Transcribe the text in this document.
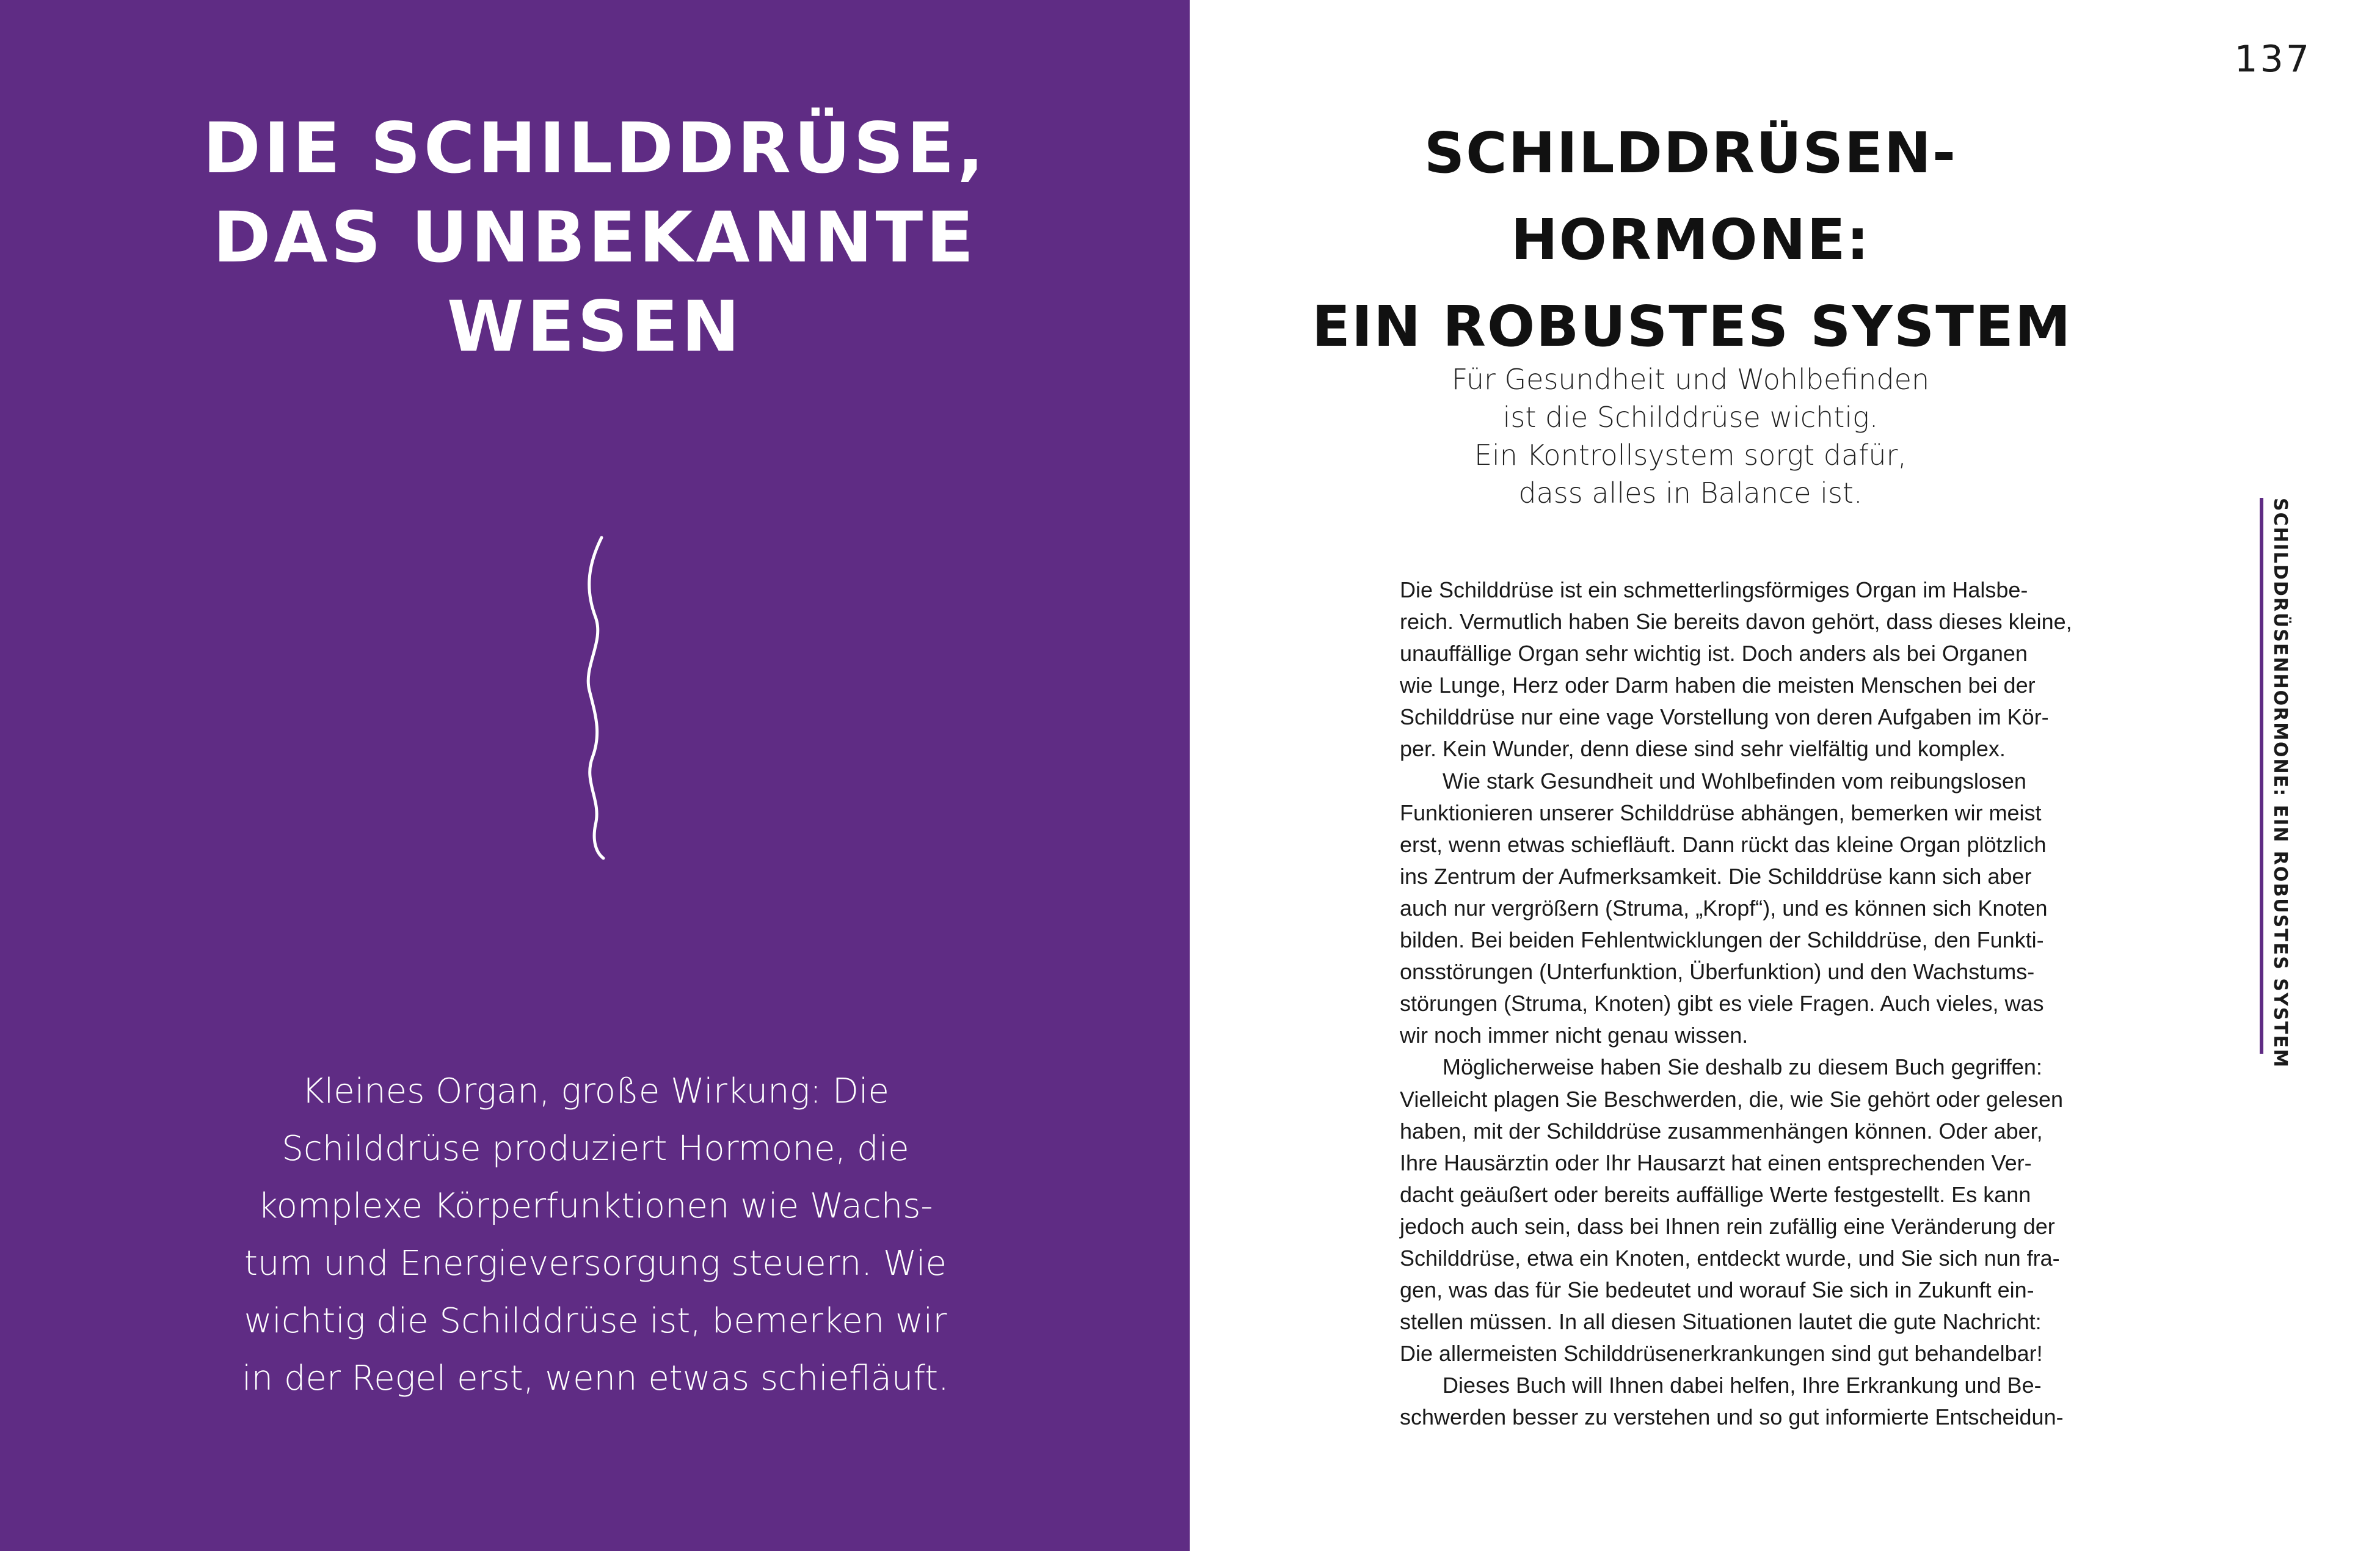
DIE SCHILDDRÜSE,
DAS UNBEKANNTE
WESEN

Kleines Organ, große Wirkung: Die
Schilddrüse produziert Hormone, die
komplexe Körperfunktionen wie Wachs-
tum und Energieversorgung steuern. Wie
wichtig die Schilddrüse ist, bemerken wir
in der Regel erst, wenn etwas schiefläuft.

137

SCHILDDRÜSEN-
HORMONE:
EIN ROBUSTES SYSTEM

Für Gesundheit und Wohlbefinden
ist die Schilddrüse wichtig.
Ein Kontrollsystem sorgt dafür,
dass alles in Balance ist.

Die Schilddrüse ist ein schmetterlingsförmiges Organ im Halsbe-
reich. Vermutlich haben Sie bereits davon gehört, dass dieses kleine,
unauffällige Organ sehr wichtig ist. Doch anders als bei Organen
wie Lunge, Herz oder Darm haben die meisten Menschen bei der
Schilddrüse nur eine vage Vorstellung von deren Aufgaben im Kör-
per. Kein Wunder, denn diese sind sehr vielfältig und komplex.
Wie stark Gesundheit und Wohlbefinden vom reibungslosen
Funktionieren unserer Schilddrüse abhängen, bemerken wir meist
erst, wenn etwas schiefläuft. Dann rückt das kleine Organ plötzlich
ins Zentrum der Aufmerksamkeit. Die Schilddrüse kann sich aber
auch nur vergrößern (Struma, „Kropf“), und es können sich Knoten
bilden. Bei beiden Fehlentwicklungen der Schilddrüse, den Funkti-
onsstörungen (Unterfunktion, Überfunktion) und den Wachstums-
störungen (Struma, Knoten) gibt es viele Fragen. Auch vieles, was
wir noch immer nicht genau wissen.
Möglicherweise haben Sie deshalb zu diesem Buch gegriffen:
Vielleicht plagen Sie Beschwerden, die, wie Sie gehört oder gelesen
haben, mit der Schilddrüse zusammenhängen können. Oder aber,
Ihre Hausärztin oder Ihr Hausarzt hat einen entsprechenden Ver-
dacht geäußert oder bereits auffällige Werte festgestellt. Es kann
jedoch auch sein, dass bei Ihnen rein zufällig eine Veränderung der
Schilddrüse, etwa ein Knoten, entdeckt wurde, und Sie sich nun fra-
gen, was das für Sie bedeutet und worauf Sie sich in Zukunft ein-
stellen müssen. In all diesen Situationen lautet die gute Nachricht:
Die allermeisten Schilddrüsenerkrankungen sind gut behandelbar!
Dieses Buch will Ihnen dabei helfen, Ihre Erkrankung und Be-
schwerden besser zu verstehen und so gut informierte Entscheidun-
SCHILDDRÜSENHORMONE: EIN ROBUSTES SYSTEM
